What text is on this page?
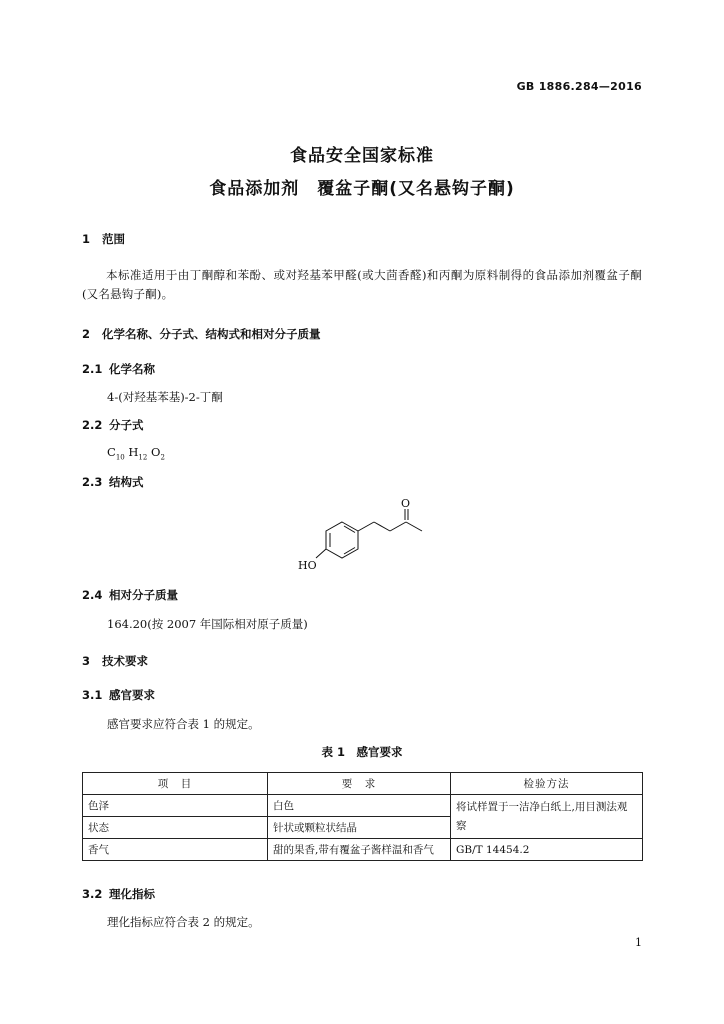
GB 1886.284—2016
食品安全国家标准
食品添加剂　覆盆子酮(又名悬钩子酮)
1 范围
本标准适用于由丁酮醇和苯酚、或对羟基苯甲醛(或大茴香醛)和丙酮为原料制得的食品添加剂覆盆子酮(又名悬钩子酮)。
2 化学名称、分子式、结构式和相对分子质量
2.1 化学名称
4-(对羟基苯基)-2-丁酮
2.2 分子式
$C_{10}$ $H_{12}$ $O_2$
2.3 结构式
O
HO
2.4 相对分子质量
164.20(按 2007 年国际相对原子质量)
3 技术要求
3.1 感官要求
感官要求应符合表 1 的规定。
表 1　感官要求
项　目	要　求	检验方法
色泽	白色	将试样置于一洁净白纸上,用目测法观察
状态	针状或颗粒状结晶	
香气	甜的果香,带有覆盆子酱样温和香气	GB/T 14454.2
3.2 理化指标
理化指标应符合表 2 的规定。
1
